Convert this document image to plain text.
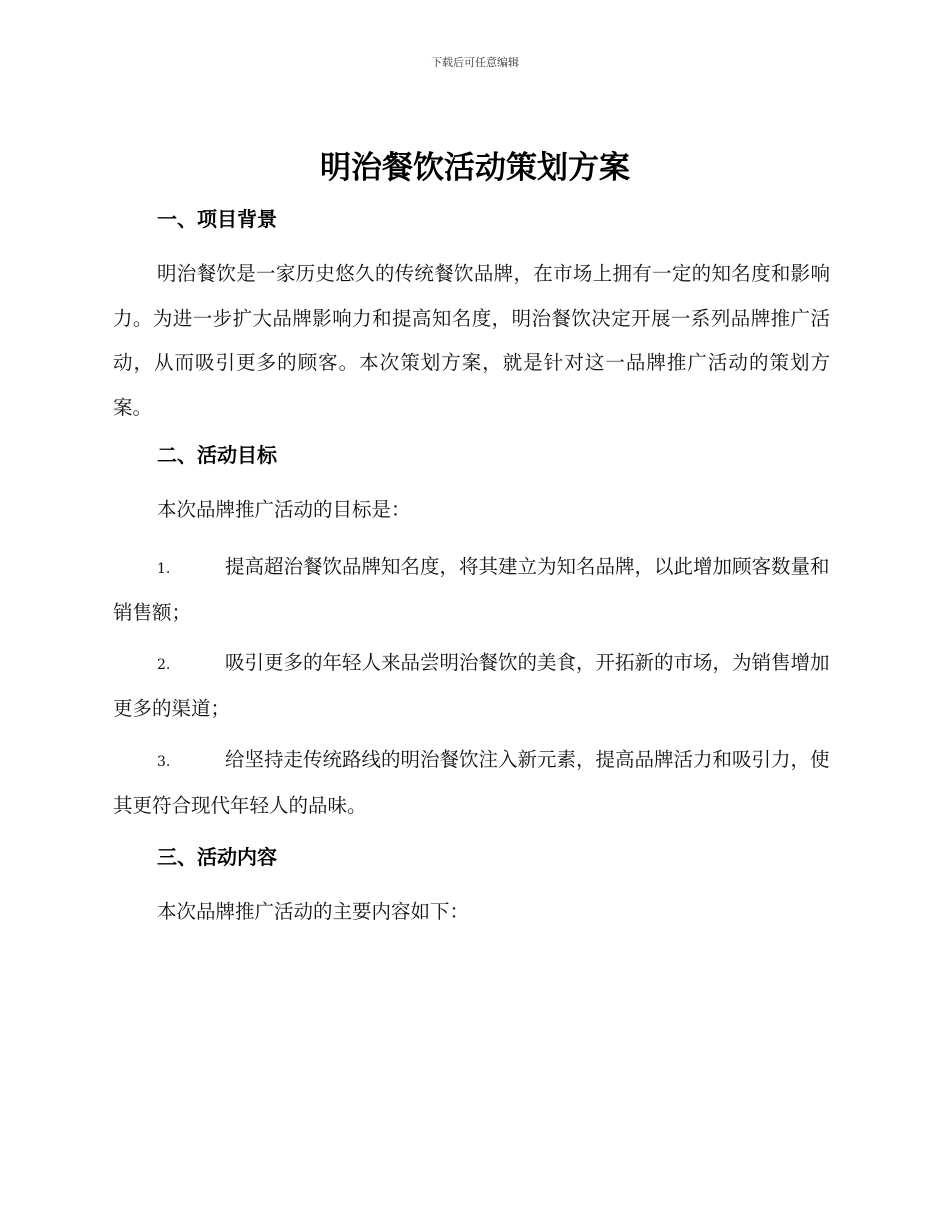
下载后可任意编辑
明治餐饮活动策划方案
一、项目背景
明治餐饮是一家历史悠久的传统餐饮品牌，在市场上拥有一定的知名度和影响力。为进一步扩大品牌影响力和提高知名度，明治餐饮决定开展一系列品牌推广活动，从而吸引更多的顾客。本次策划方案，就是针对这一品牌推广活动的策划方案。
二、活动目标
本次品牌推广活动的目标是：
1.	提高超治餐饮品牌知名度，将其建立为知名品牌，以此增加顾客数量和销售额；
2.	吸引更多的年轻人来品尝明治餐饮的美食，开拓新的市场，为销售增加更多的渠道；
3.	给坚持走传统路线的明治餐饮注入新元素，提高品牌活力和吸引力，使其更符合现代年轻人的品味。
三、活动内容
本次品牌推广活动的主要内容如下：
